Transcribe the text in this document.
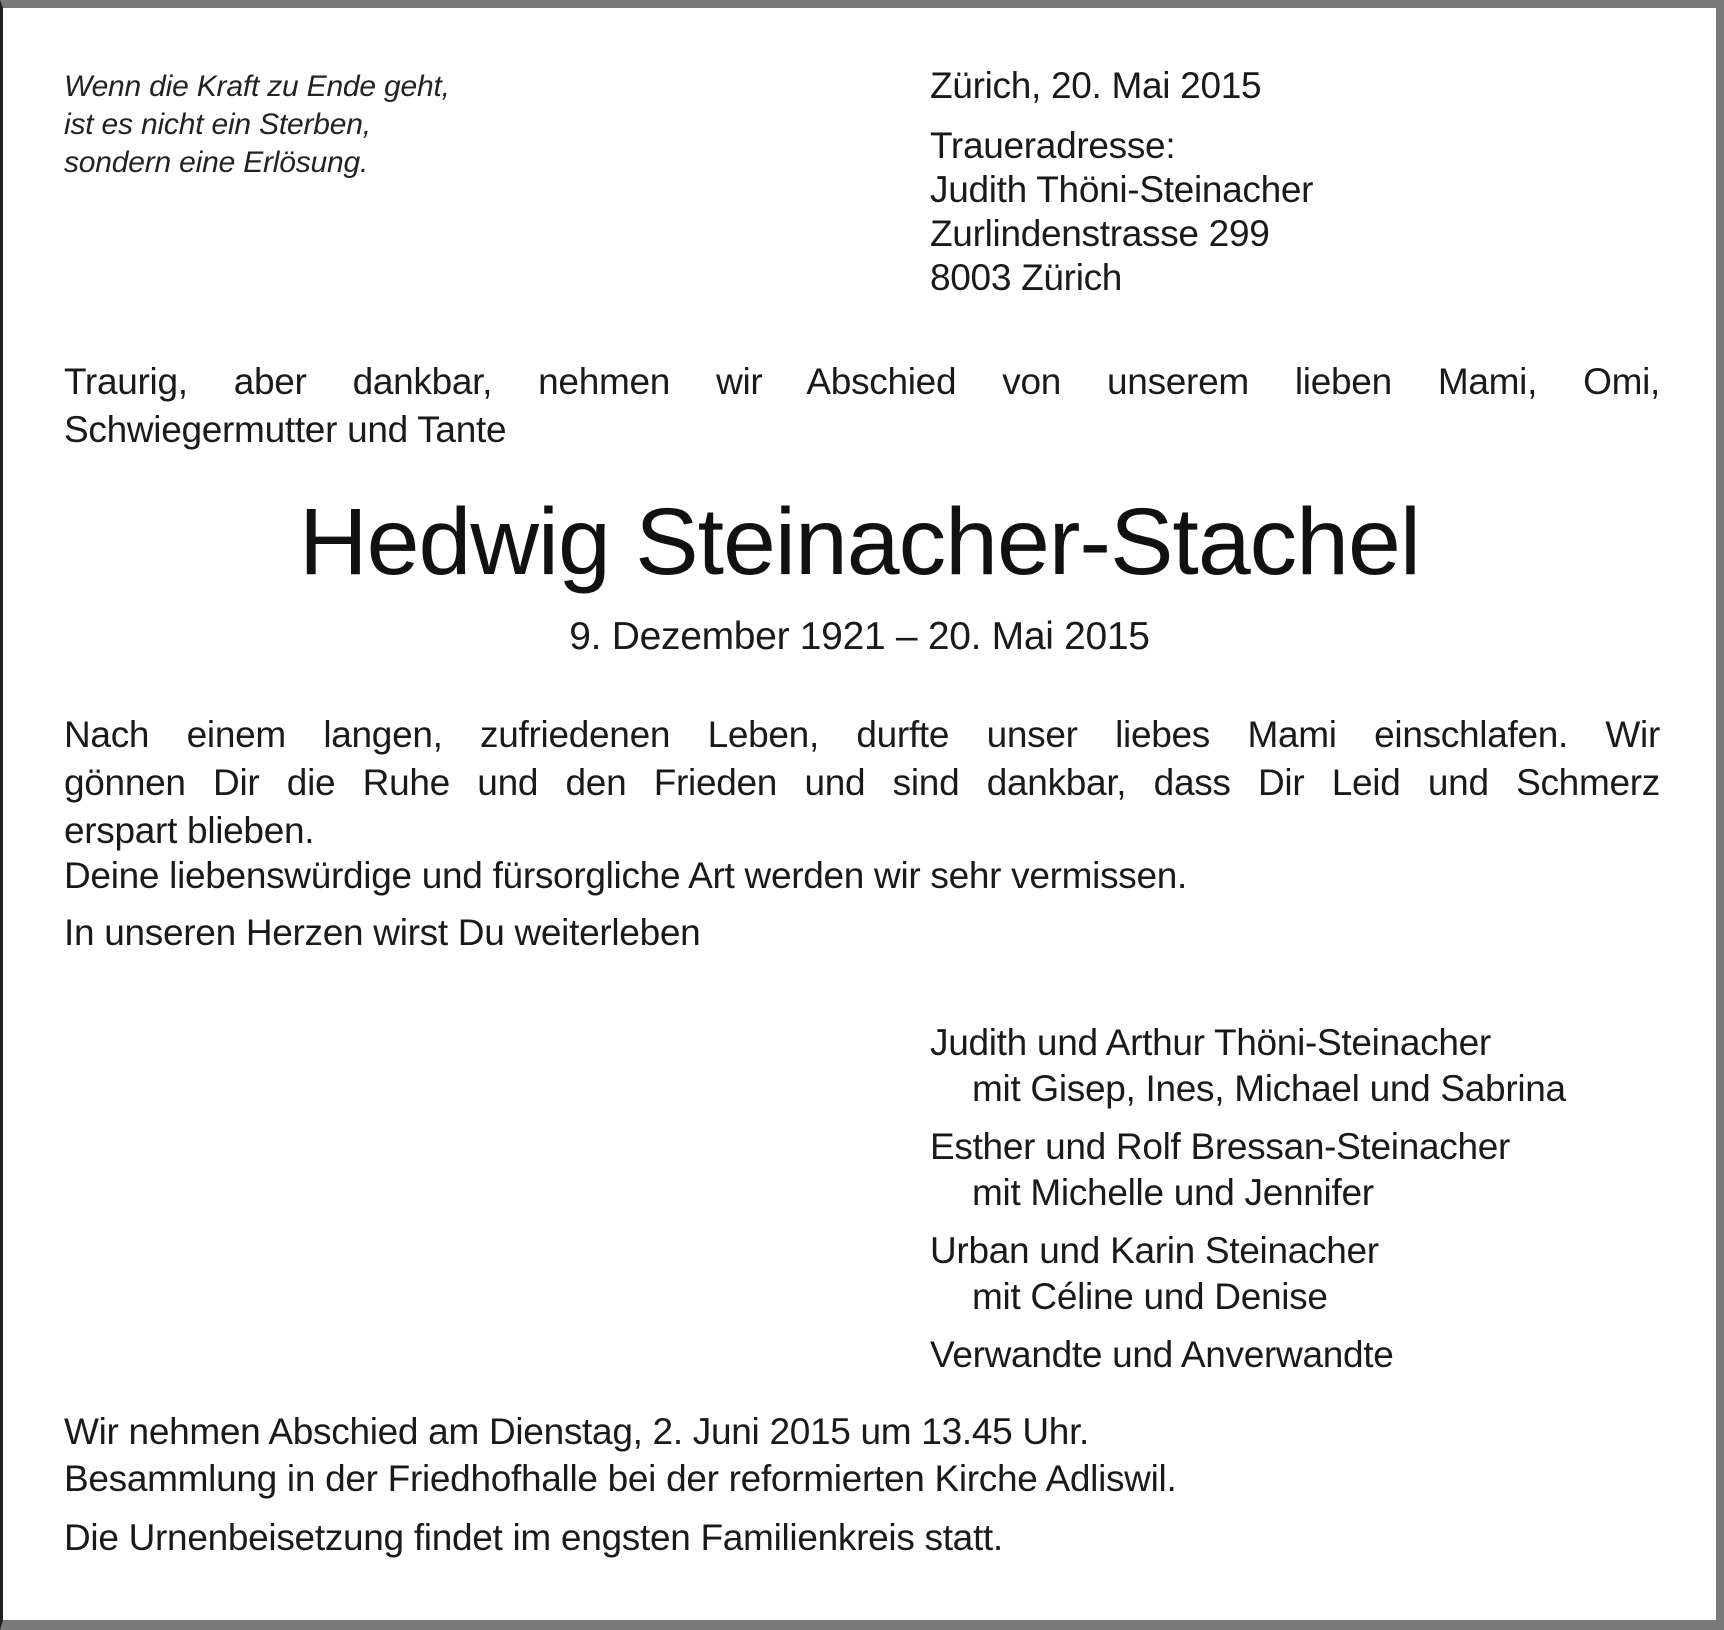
Wenn die Kraft zu Ende geht,
ist es nicht ein Sterben,
sondern eine Erlösung.
Zürich, 20. Mai 2015
Traueradresse:
Judith Thöni-Steinacher
Zurlindenstrasse 299
8003 Zürich
Traurig, aber dankbar, nehmen wir Abschied von unserem lieben Mami, Omi,
Schwiegermutter und Tante
Hedwig Steinacher-Stachel
9. Dezember 1921 – 20. Mai 2015
Nach einem langen, zufriedenen Leben, durfte unser liebes Mami einschlafen. Wir
gönnen Dir die Ruhe und den Frieden und sind dankbar, dass Dir Leid und Schmerz
erspart blieben.
Deine liebenswürdige und fürsorgliche Art werden wir sehr vermissen.
In unseren Herzen wirst Du weiterleben
Judith und Arthur Thöni-Steinacher
mit Gisep, Ines, Michael und Sabrina
Esther und Rolf Bressan-Steinacher
mit Michelle und Jennifer
Urban und Karin Steinacher
mit Céline und Denise
Verwandte und Anverwandte
Wir nehmen Abschied am Dienstag, 2. Juni 2015 um 13.45 Uhr.
Besammlung in der Friedhofhalle bei der reformierten Kirche Adliswil.
Die Urnenbeisetzung findet im engsten Familienkreis statt.
